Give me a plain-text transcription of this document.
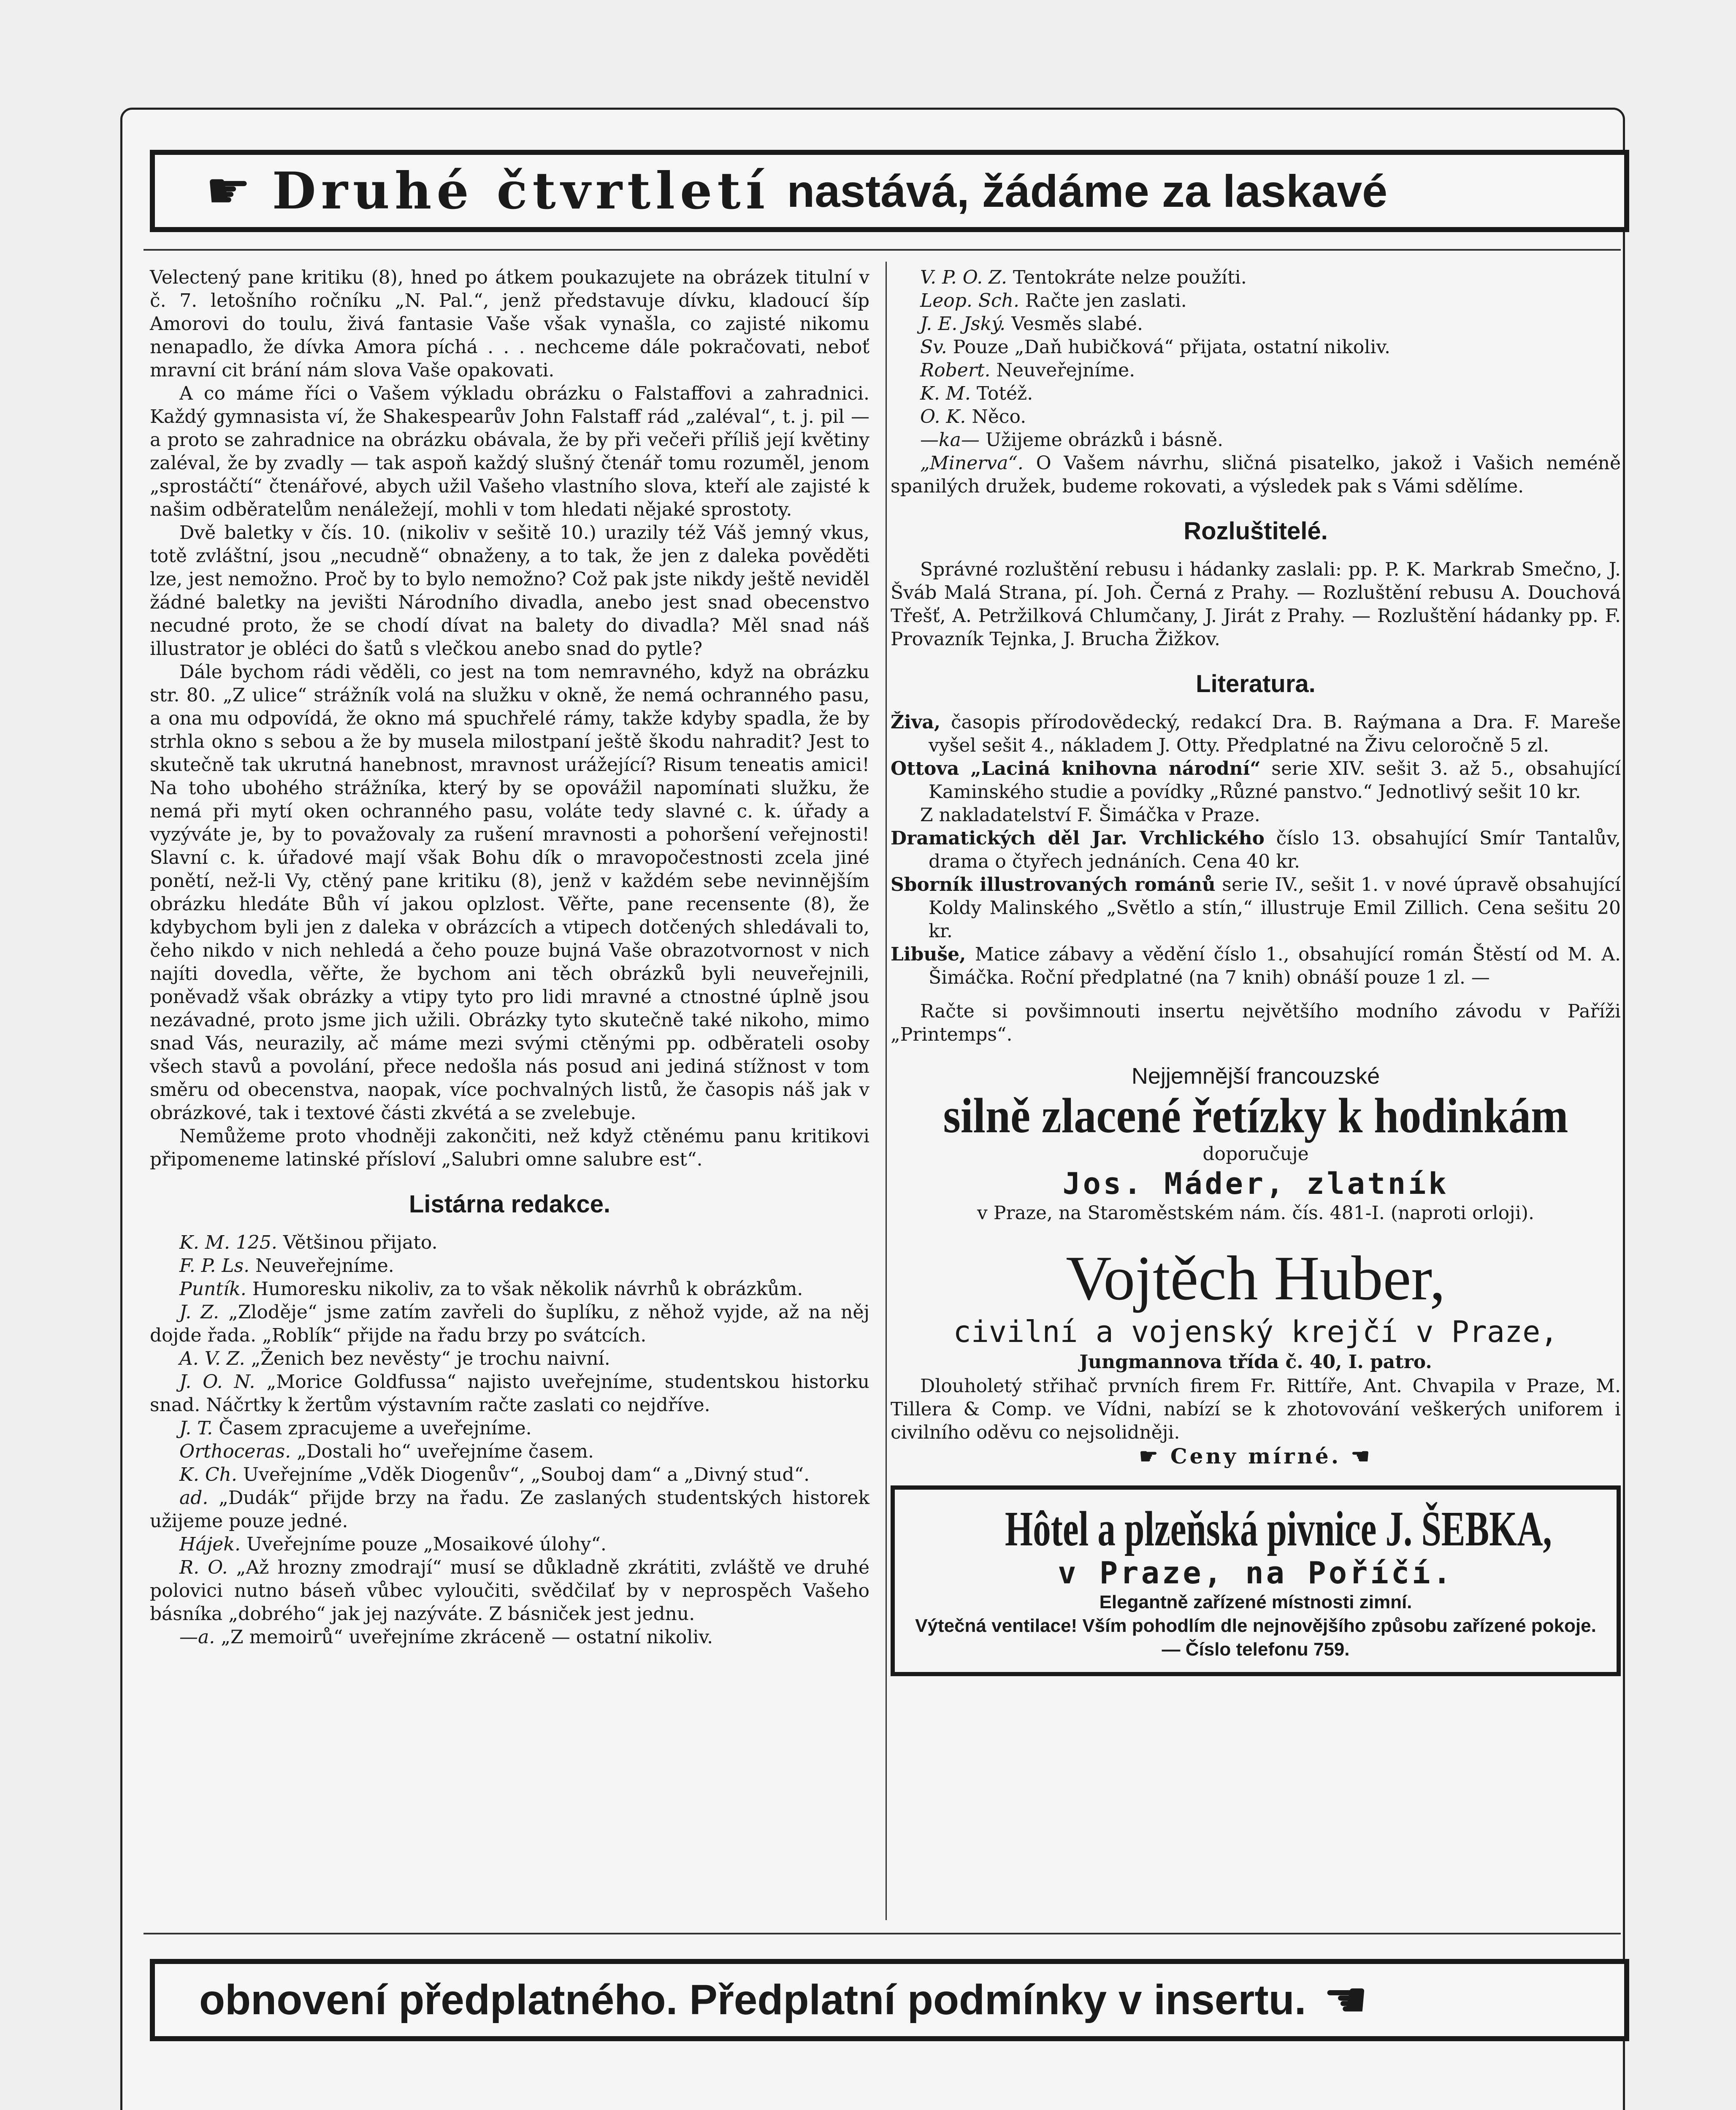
☛ Druhé čtvrtletí nastává, žádáme za laskavé

Velectený pane kritiku (8), hned po átkem poukazujete na obrázek titulní v č. 7. letošního ročníku „N. Pal.“, jenž představuje dívku, kladoucí šíp Amorovi do toulu, živá fantasie Vaše však vynašla, co zajisté nikomu nenapadlo, že dívka Amora píchá . . . nechceme dále pokračovati, neboť mravní cit brání nám slova Vaše opakovati.

A co máme říci o Vašem výkladu obrázku o Falstaffovi a zahradnici. Každý gymnasista ví, že Shakespearův John Falstaff rád „zaléval“, t. j. pil — a proto se zahradnice na obrázku obávala, že by při večeři příliš její květiny zaléval, že by zvadly — tak aspoň každý slušný čtenář tomu rozuměl, jenom „sprostáčtí“ čtenářové, abych užil Vašeho vlastního slova, kteří ale zajisté k našim odběratelům nenáležejí, mohli v tom hledati nějaké sprostoty.

Dvě baletky v čís. 10. (nikoliv v sešitě 10.) urazily též Váš jemný vkus, totě zvláštní, jsou „necudně“ obnaženy, a to tak, že jen z daleka pověděti lze, jest nemožno. Proč by to bylo nemožno? Což pak jste nikdy ještě neviděl žádné baletky na jevišti Národního divadla, anebo jest snad obecenstvo necudné proto, že se chodí dívat na balety do divadla? Měl snad náš illustrator je obléci do šatů s vlečkou anebo snad do pytle?

Dále bychom rádi věděli, co jest na tom nemravného, když na obrázku str. 80. „Z ulice“ strážník volá na služku v okně, že nemá ochranného pasu, a ona mu odpovídá, že okno má spuchřelé rámy, takže kdyby spadla, že by strhla okno s sebou a že by musela milostpaní ještě škodu nahradit? Jest to skutečně tak ukrutná hanebnost, mravnost urážející? Risum teneatis amici! Na toho ubohého strážníka, který by se opovážil napomínati služku, že nemá při mytí oken ochranného pasu, voláte tedy slavné c. k. úřady a vyzýváte je, by to považovaly za rušení mravnosti a pohoršení veřejnosti! Slavní c. k. úřadové mají však Bohu dík o mravopočestnosti zcela jiné ponětí, než-li Vy, ctěný pane kritiku (8), jenž v každém sebe nevinnějším obrázku hledáte Bůh ví jakou oplzlost. Věřte, pane recensente (8), že kdybychom byli jen z daleka v obrázcích a vtipech dotčených shledávali to, čeho nikdo v nich nehledá a čeho pouze bujná Vaše obrazotvornost v nich najíti dovedla, věřte, že bychom ani těch obrázků byli neuveřejnili, poněvadž však obrázky a vtipy tyto pro lidi mravné a ctnostné úplně jsou nezávadné, proto jsme jich užili. Obrázky tyto skutečně také nikoho, mimo snad Vás, neurazily, ač máme mezi svými ctěnými pp. odběrateli osoby všech stavů a povolání, přece nedošla nás posud ani jediná stížnost v tom směru od obecenstva, naopak, více pochvalných listů, že časopis náš jak v obrázkové, tak i textové části zkvétá a se zvelebuje.

Nemůžeme proto vhodněji zakončiti, než když ctěnému panu kritikovi připomeneme latinské přísloví „Salubri omne salubre est“.

Listárna redakce.

K. M. 125. Většinou přijato.

F. P. Ls. Neuveřejníme.

Puntík. Humoresku nikoliv, za to však několik návrhů k obrázkům.

J. Z. „Zloděje“ jsme zatím zavřeli do šuplíku, z něhož vyjde, až na něj dojde řada. „Roblík“ přijde na řadu brzy po svátcích.

A. V. Z. „Ženich bez nevěsty“ je trochu naivní.

J. O. N. „Morice Goldfussa“ najisto uveřejníme, studentskou historku snad. Náčrtky k žertům výstavním račte zaslati co nejdříve.

J. T. Časem zpracujeme a uveřejníme.

Orthoceras. „Dostali ho“ uveřejníme časem.

K. Ch. Uveřejníme „Vděk Diogenův“, „Souboj dam“ a „Divný stud“.

ad. „Dudák“ přijde brzy na řadu. Ze zaslaných studentských historek užijeme pouze jedné.

Hájek. Uveřejníme pouze „Mosaikové úlohy“.

R. O. „Až hrozny zmodrají“ musí se důkladně zkrátiti, zvláště ve druhé polovici nutno báseň vůbec vyloučiti, svědčilať by v neprospěch Vašeho básníka „dobrého“ jak jej nazýváte. Z básniček jest jednu.

—a. „Z memoirů“ uveřejníme zkráceně — ostatní nikoliv.

V. P. O. Z. Tentokráte nelze použíti.

Leop. Sch. Račte jen zaslati.

J. E. Jský. Vesměs slabé.

Sv. Pouze „Daň hubičková“ přijata, ostatní nikoliv.

Robert. Neuveřejníme.

K. M. Totéž.

O. K. Něco.

—ka— Užijeme obrázků i básně.

„Minerva“. O Vašem návrhu, sličná pisatelko, jakož i Vašich neméně spanilých družek, budeme rokovati, a výsledek pak s Vámi sdělíme.

Rozluštitelé.

Správné rozluštění rebusu i hádanky zaslali: pp. P. K. Markrab Smečno, J. Šváb Malá Strana, pí. Joh. Černá z Prahy. — Rozluštění rebusu A. Douchová Třešť, A. Petržilková Chlumčany, J. Jirát z Prahy. — Rozluštění hádanky pp. F. Provazník Tejnka, J. Brucha Žižkov.

Literatura.

Živa, časopis přírodovědecký, redakcí Dra. B. Raýmana a Dra. F. Mareše vyšel sešit 4., nákladem J. Otty. Předplatné na Živu celoročně 5 zl.

Ottova „Laciná knihovna národní“ serie XIV. sešit 3. až 5., obsahující Kaminského studie a povídky „Různé panstvo.“ Jednotlivý sešit 10 kr.

Z nakladatelství F. Šimáčka v Praze.

Dramatických děl Jar. Vrchlického číslo 13. obsahující Smír Tantalův, drama o čtyřech jednáních. Cena 40 kr.

Sborník illustrovaných románů serie IV., sešit 1. v nové úpravě obsahující Koldy Malinského „Světlo a stín,“ illustruje Emil Zillich. Cena sešitu 20 kr.

Libuše, Matice zábavy a vědění číslo 1., obsahující román Štěstí od M. A. Šimáčka. Roční předplatné (na 7 knih) obnáší pouze 1 zl. —

Račte si povšimnouti insertu největšího modního závodu v Paříži „Printemps“.

Nejjemnější francouzské
silně zlacené řetízky k hodinkám
doporučuje
Jos. Máder, zlatník
v Praze, na Staroměstském nám. čís. 481-I. (naproti orloji).
Vojtěch Huber,
civilní a vojenský krejčí v Praze,
Jungmannova třída č. 40, I. patro.

Dlouholetý střihač prvních firem Fr. Rittíře, Ant. Chvapila v Praze, M. Tillera & Comp. ve Vídni, nabízí se k zhotovování veškerých uniforem i civilního oděvu co nejsolidněji.

☛ Ceny mírné. ☚
Hôtel a plzeňská pivnice J. ŠEBKA,
v Praze, na Poříčí.
Elegantně zařízené místnosti zimní.
Výtečná ventilace! Vším pohodlím dle nejnovějšího způsobu zařízené pokoje. — Číslo telefonu 759.
obnovení předplatného. Předplatní podmínky v insertu. ☚
